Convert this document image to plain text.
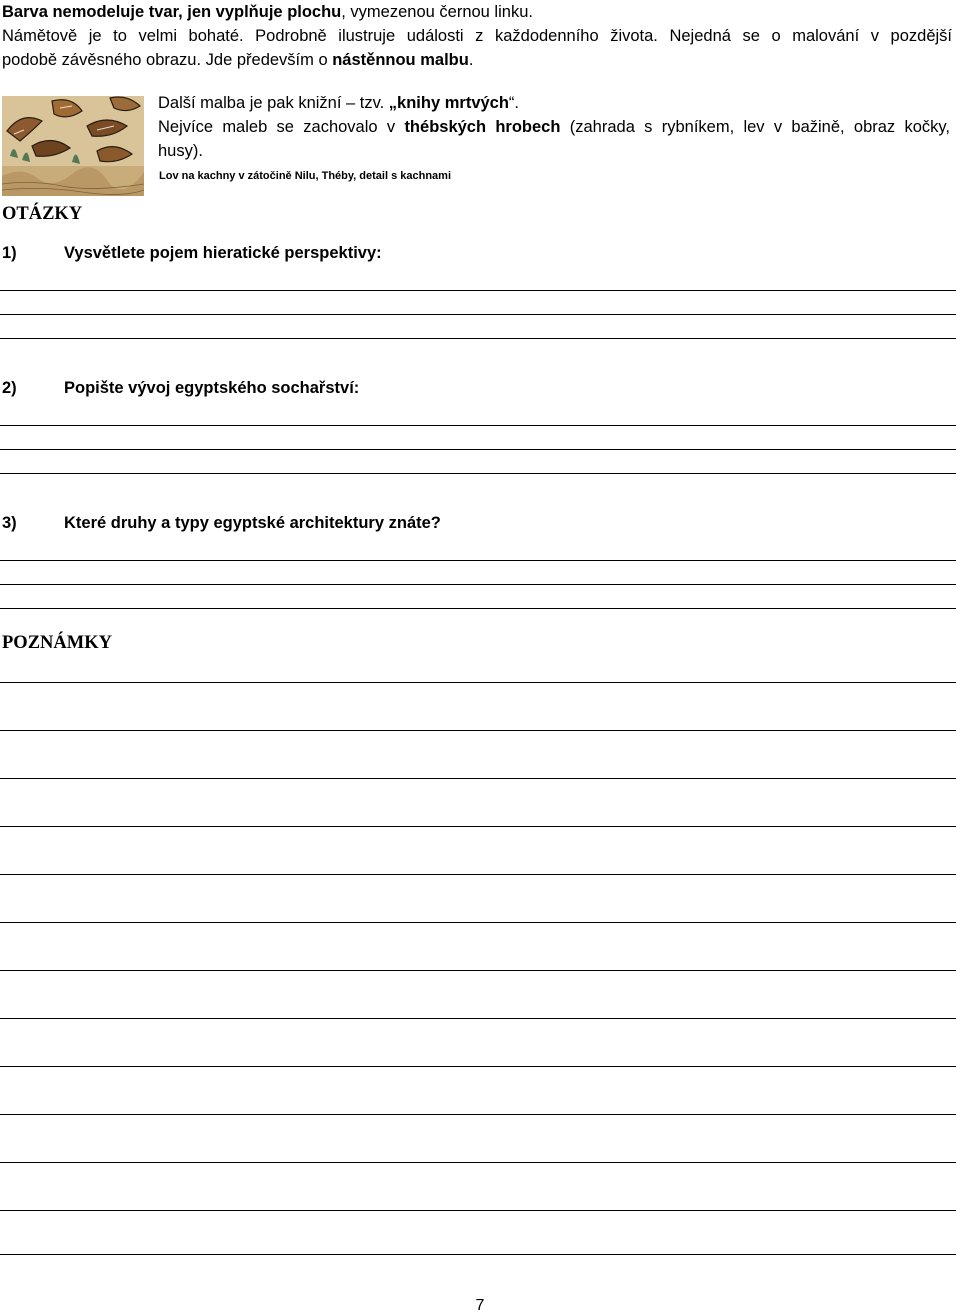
Barva nemodeluje tvar, jen vyplňuje plochu, vymezenou černou linku.
Námětově je to velmi bohaté. Podrobně ilustruje události z každodenního života. Nejedná se o malování v pozdější
podobě závěsného obrazu. Jde především o nástěnnou malbu.
Další malba je pak knižní – tzv. „knihy mrtvých“.
Nejvíce maleb se zachovalo v thébských hrobech (zahrada s rybníkem, lev v bažině, obraz kočky,
husy).
Lov na kachny v zátočině Nilu, Théby, detail s kachnami
OTÁZKY
1)	Vysvětlete pojem hieratické perspektivy:
2)	Popište vývoj egyptského sochařství:
3)	Které druhy a typy egyptské architektury znáte?
POZNÁMKY
7
